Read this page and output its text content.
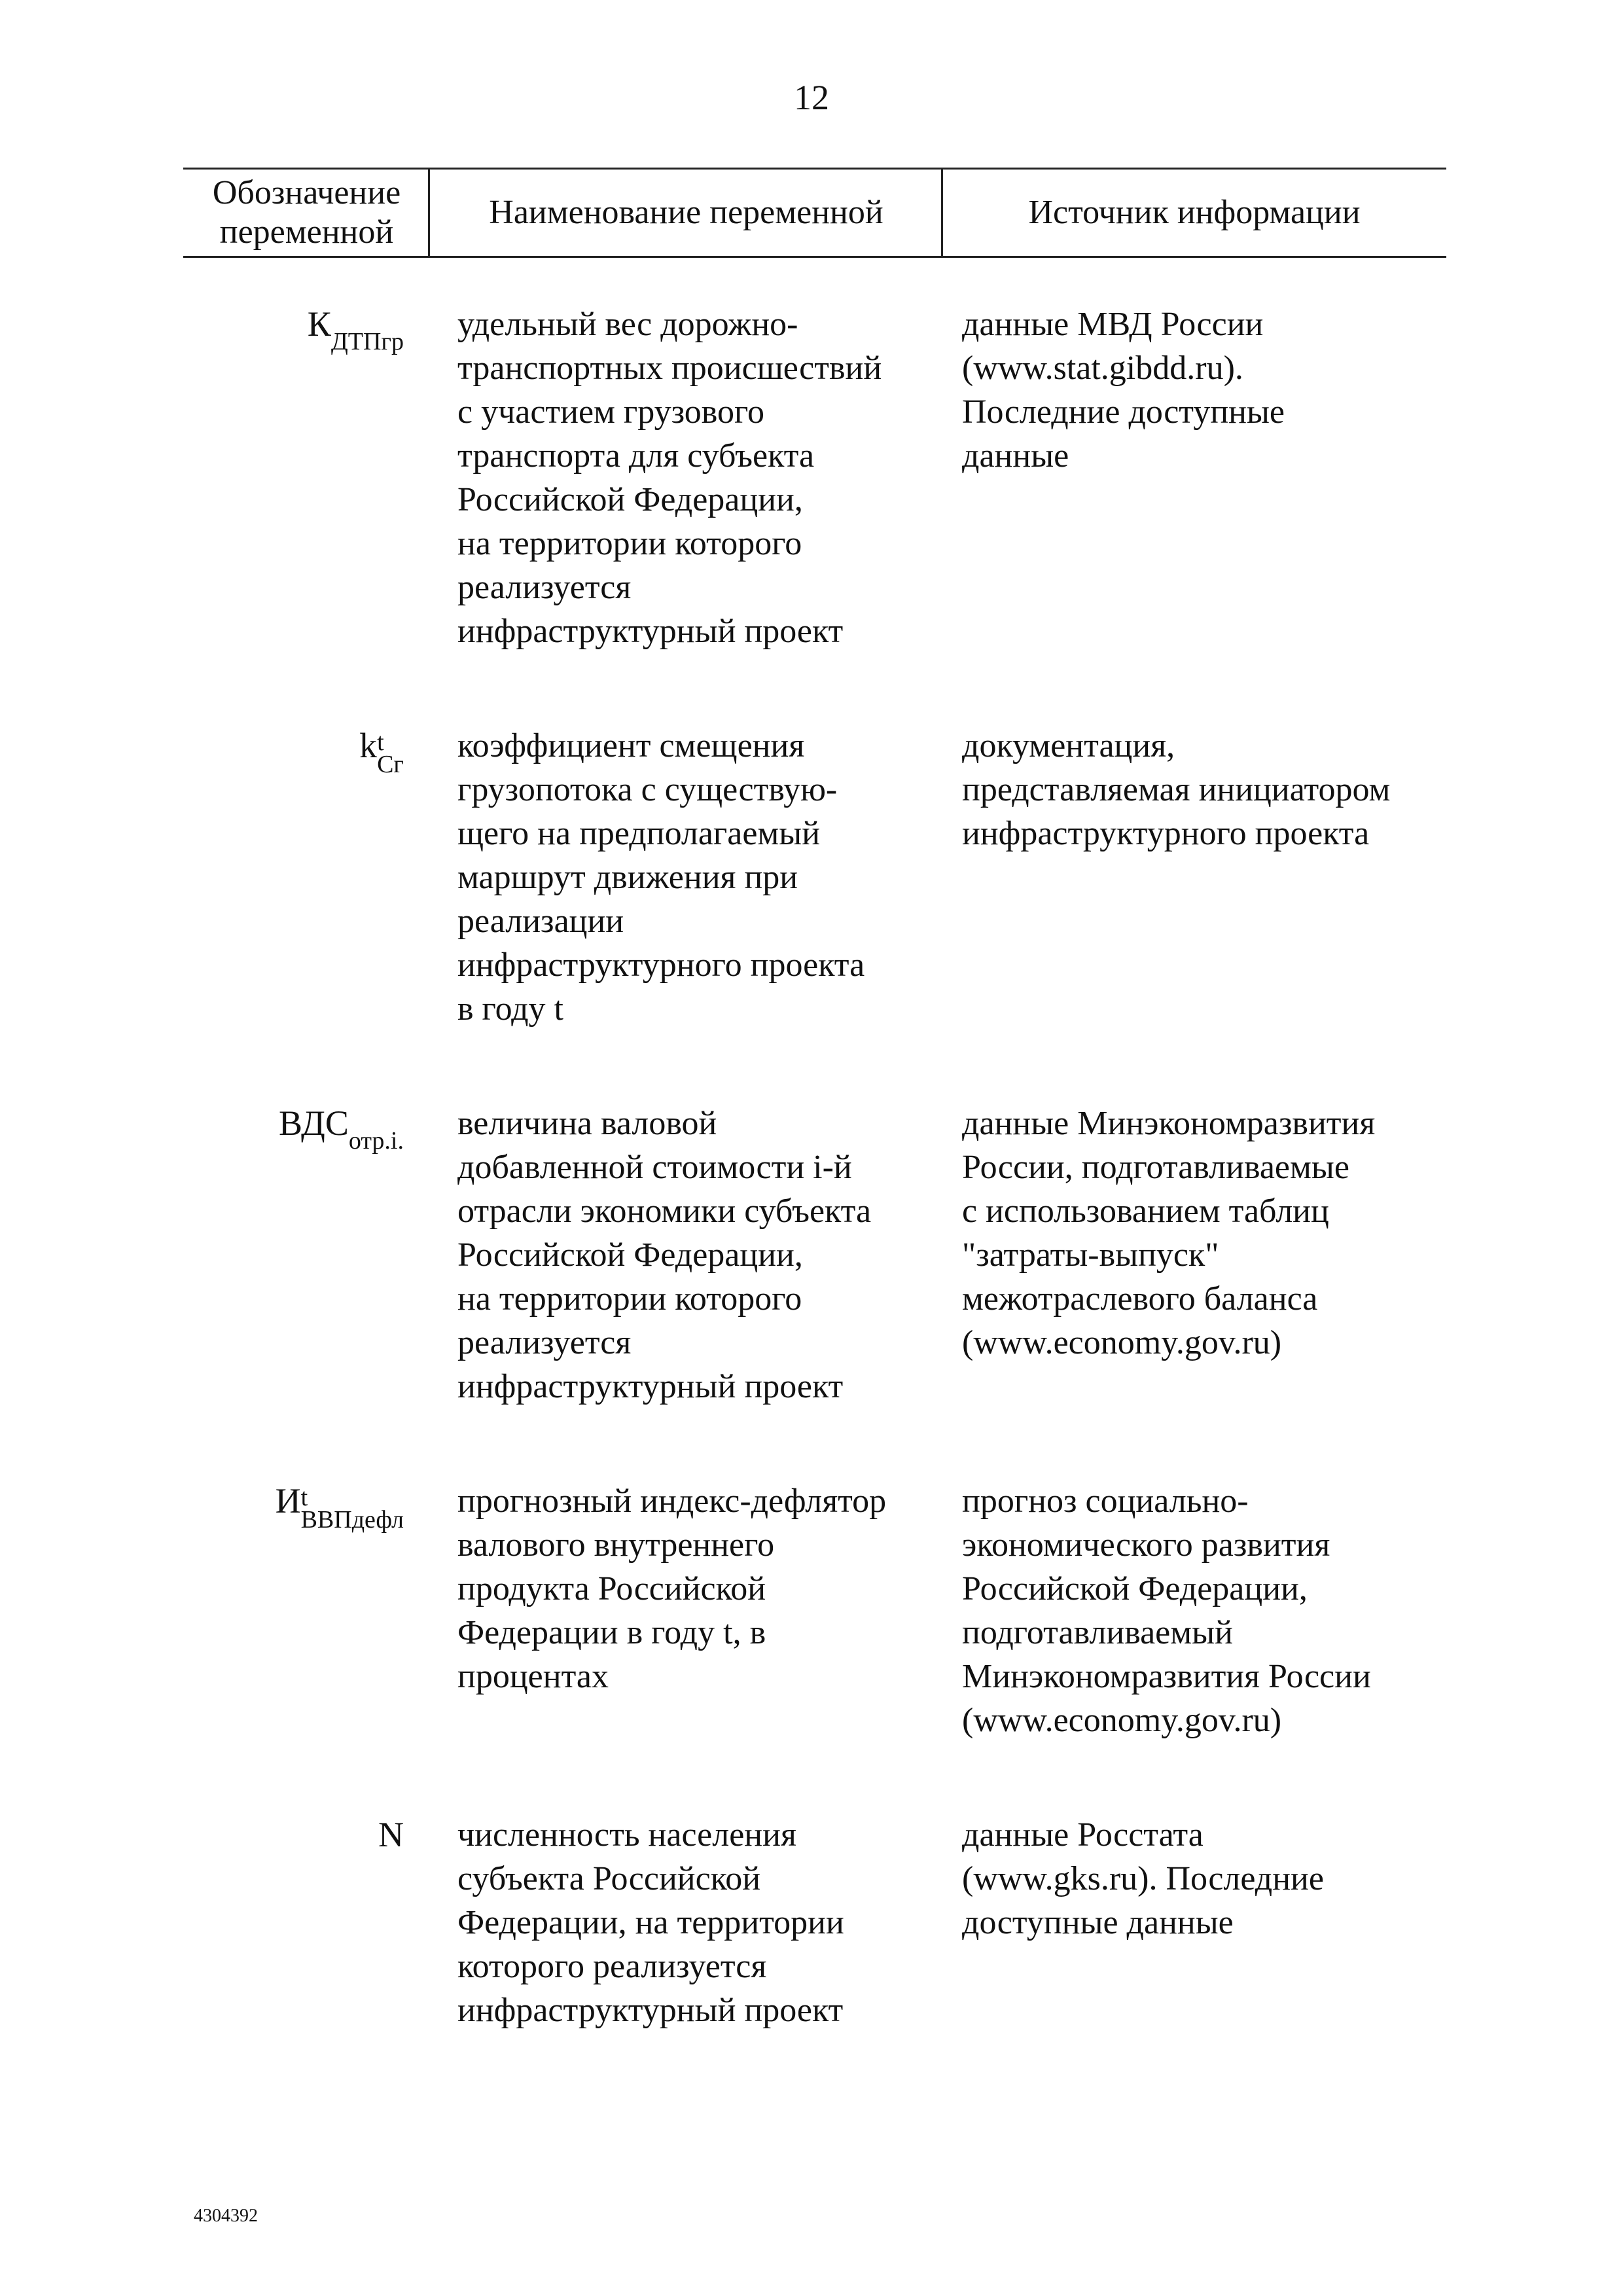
12
Обозначение
переменной
Наименование переменной	Источник информации
К ДТПгр удельный вес дорожно-
транспортных происшествий
с участием грузового
транспорта для субъекта
Российской Федерации,
на территории которого
реализуется
инфраструктурный проект
данные МВД России
(www.stat.gibdd.ru).
Последние доступные
данные
k t
Сг коэффициент смещения
грузопотока с существую-
щего на предполагаемый
маршрут движения при
реализации
инфраструктурного проекта
в году t
документация,
представляемая инициатором
инфраструктурного проекта
ВДС отр.i. величина валовой
добавленной стоимости i-й
отрасли экономики субъекта
Российской Федерации,
на территории которого
реализуется
инфраструктурный проект
данные Минэкономразвития
России, подготавливаемые
с использованием таблиц
"затраты-выпуск"
межотраслевого баланса
(www.economy.gov.ru)
И t
ВВПдефл прогнозный индекс-дефлятор
валового внутреннего
продукта Российской
Федерации в году t, в
процентах
прогноз социально-
экономического развития
Российской Федерации,
подготавливаемый
Минэкономразвития России
(www.economy.gov.ru)
N	численность населения
субъекта Российской
Федерации, на территории
которого реализуется
инфраструктурный проект
данные Росстата
(www.gks.ru). Последние
доступные данные
4304392
